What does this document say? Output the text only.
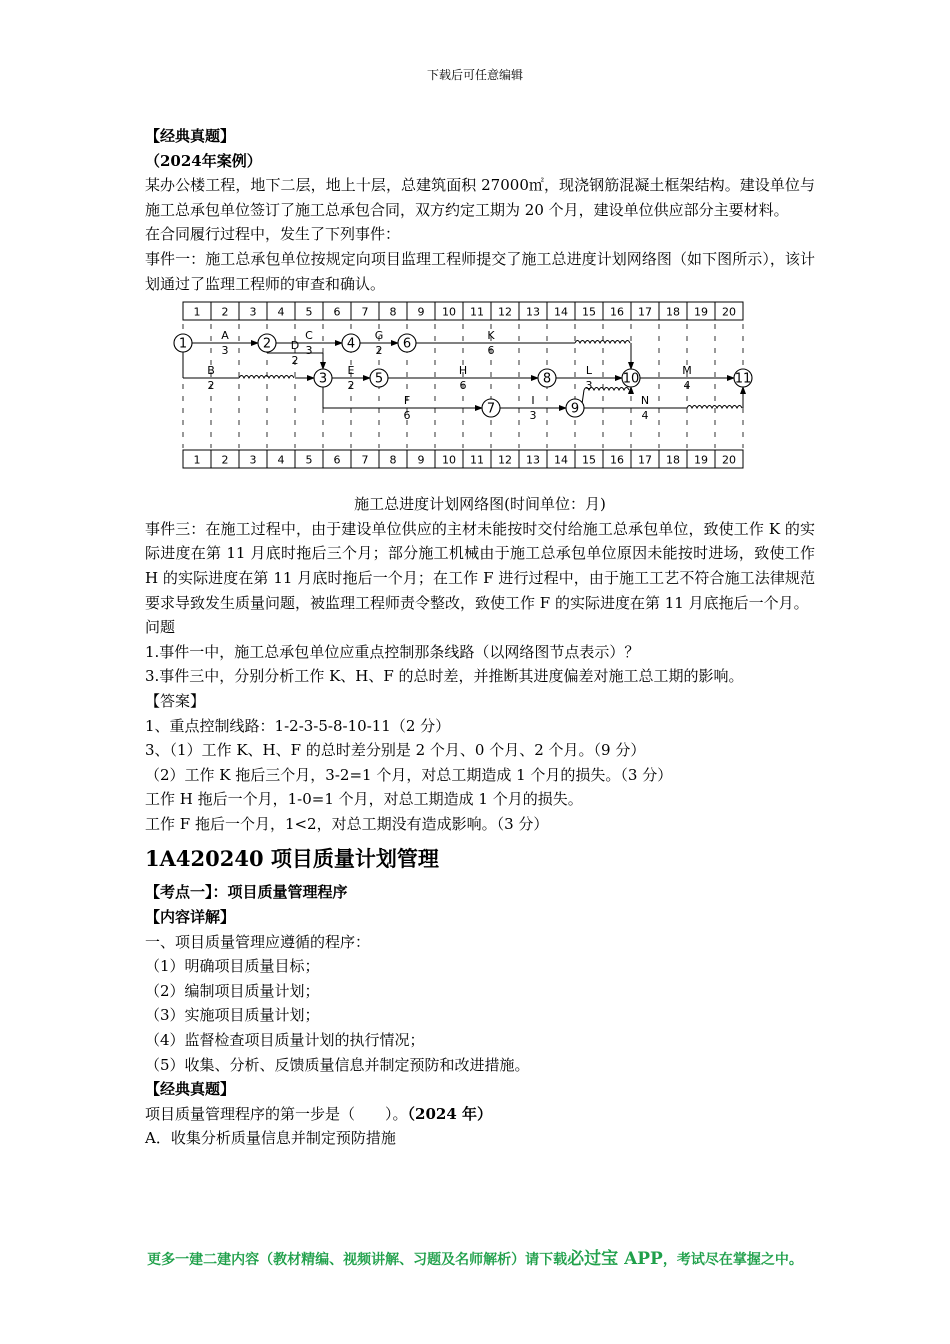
下载后可任意编辑

【经典真题】

（2024年案例）

某办公楼工程，地下二层，地上十层，总建筑面积 27000㎡，现浇钢筋混凝土框架结构。建设单位与施工总承包单位签订了施工总承包合同，双方约定工期为 20 个月，建设单位供应部分主要材料。

在合同履行过程中，发生了下列事件：

事件一：施工总承包单位按规定向项目监理工程师提交了施工总进度计划网络图（如下图所示），该计划通过了监理工程师的审查和确认。

1 2 3 4 5 6 7 8 9 10 11 12 13 14 15 16 17 18 19 20
1 2 3 4 5 6 7 8 9 10 11 12 13 14 15 16 17 18 19 20
A
3
C
3
G
2
K
6
D
2
B
2
E
2
H
6
L
3
M
4
F
6
I
3
N
4
1	2
3
4
5
6
7
8
9
10	11

施工总进度计划网络图(时间单位：月)

事件三：在施工过程中，由于建设单位供应的主材未能按时交付给施工总承包单位，致使工作 K 的实际进度在第 11 月底时拖后三个月；部分施工机械由于施工总承包单位原因未能按时进场，致使工作 H 的实际进度在第 11 月底时拖后一个月；在工作 F 进行过程中，由于施工工艺不符合施工法律规范要求导致发生质量问题，被监理工程师责令整改，致使工作 F 的实际进度在第 11 月底拖后一个月。

问题

1.事件一中，施工总承包单位应重点控制那条线路（以网络图节点表示）？

3.事件三中，分别分析工作 K、H、F 的总时差，并推断其进度偏差对施工总工期的影响。

【答案】

1、重点控制线路：1-2-3-5-8-10-11（2 分）

3、（1）工作 K、H、F 的总时差分别是 2 个月、0 个月、2 个月。（9 分）

（2）工作 K 拖后三个月，3-2=1 个月，对总工期造成 1 个月的损失。（3 分）

工作 H 拖后一个月，1-0=1 个月，对总工期造成 1 个月的损失。

工作 F 拖后一个月，1<2，对总工期没有造成影响。（3 分）

1A420240 项目质量计划管理

【考点一】：项目质量管理程序

【内容详解】

一、项目质量管理应遵循的程序：

（1）明确项目质量目标；

（2）编制项目质量计划；

（3）实施项目质量计划；

（4）监督检查项目质量计划的执行情况；

（5）收集、分析、反馈质量信息并制定预防和改进措施。

【经典真题】

项目质量管理程序的第一步是（　　）。（2024 年）

A．收集分析质量信息并制定预防措施

更多一建二建内容（教材精编、视频讲解、习题及名师解析）请下载必过宝 APP，考试尽在掌握之中。
